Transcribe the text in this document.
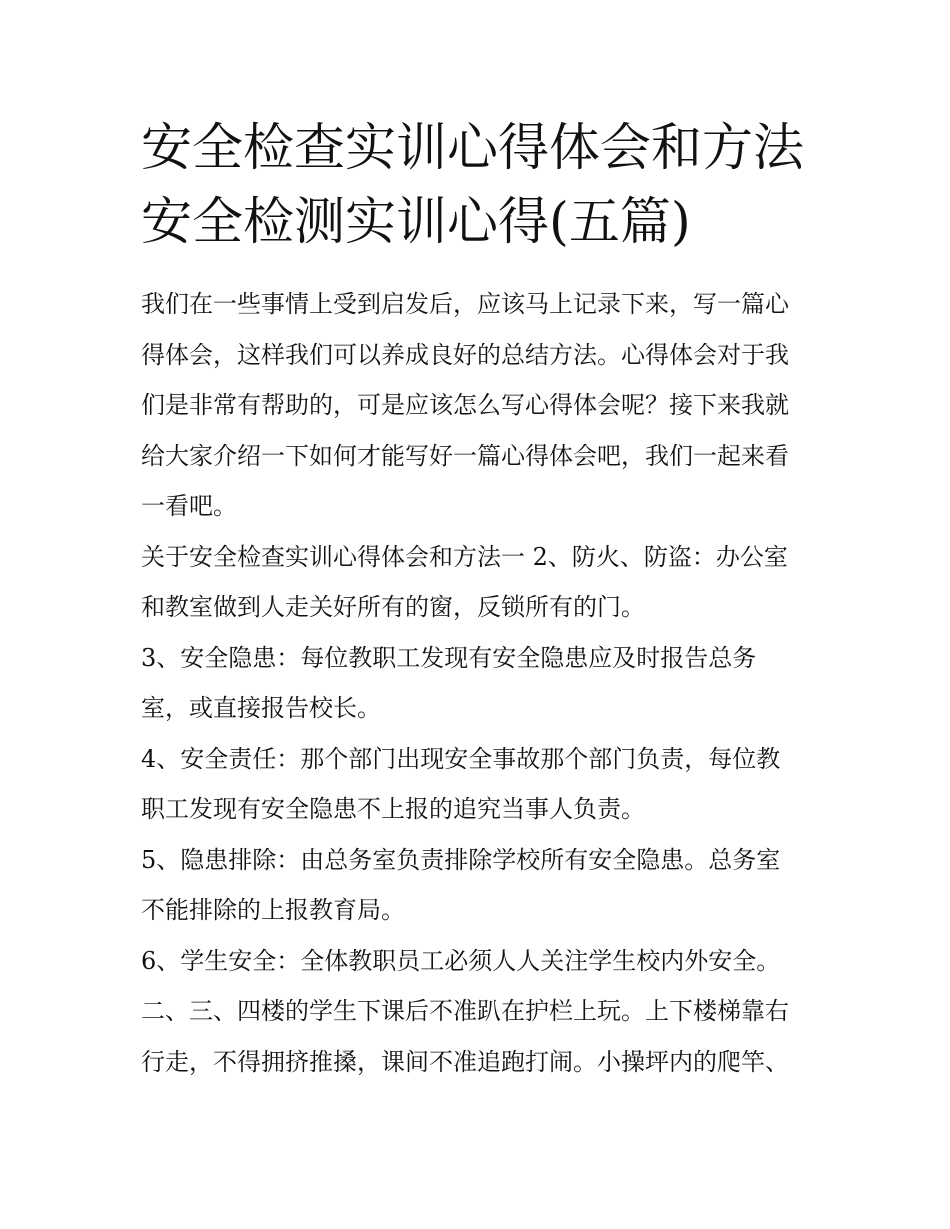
安全检查实训心得体会和方法
安全检测实训心得(五篇)

我们在一些事情上受到启发后，应该马上记录下来，写一篇心
得体会，这样我们可以养成良好的总结方法。心得体会对于我
们是非常有帮助的，可是应该怎么写心得体会呢？接下来我就
给大家介绍一下如何才能写好一篇心得体会吧，我们一起来看
一看吧。

关于安全检查实训心得体会和方法一 2、防火、防盗：办公室
和教室做到人走关好所有的窗，反锁所有的门。

3、安全隐患：每位教职工发现有安全隐患应及时报告总务
室，或直接报告校长。

4、安全责任：那个部门出现安全事故那个部门负责，每位教
职工发现有安全隐患不上报的追究当事人负责。

5、隐患排除：由总务室负责排除学校所有安全隐患。总务室
不能排除的上报教育局。

6、学生安全：全体教职员工必须人人关注学生校内外安全。

二、三、四楼的学生下课后不准趴在护栏上玩。上下楼梯靠右
行走，不得拥挤推搡，课间不准追跑打闹。小操坪内的爬竿、
